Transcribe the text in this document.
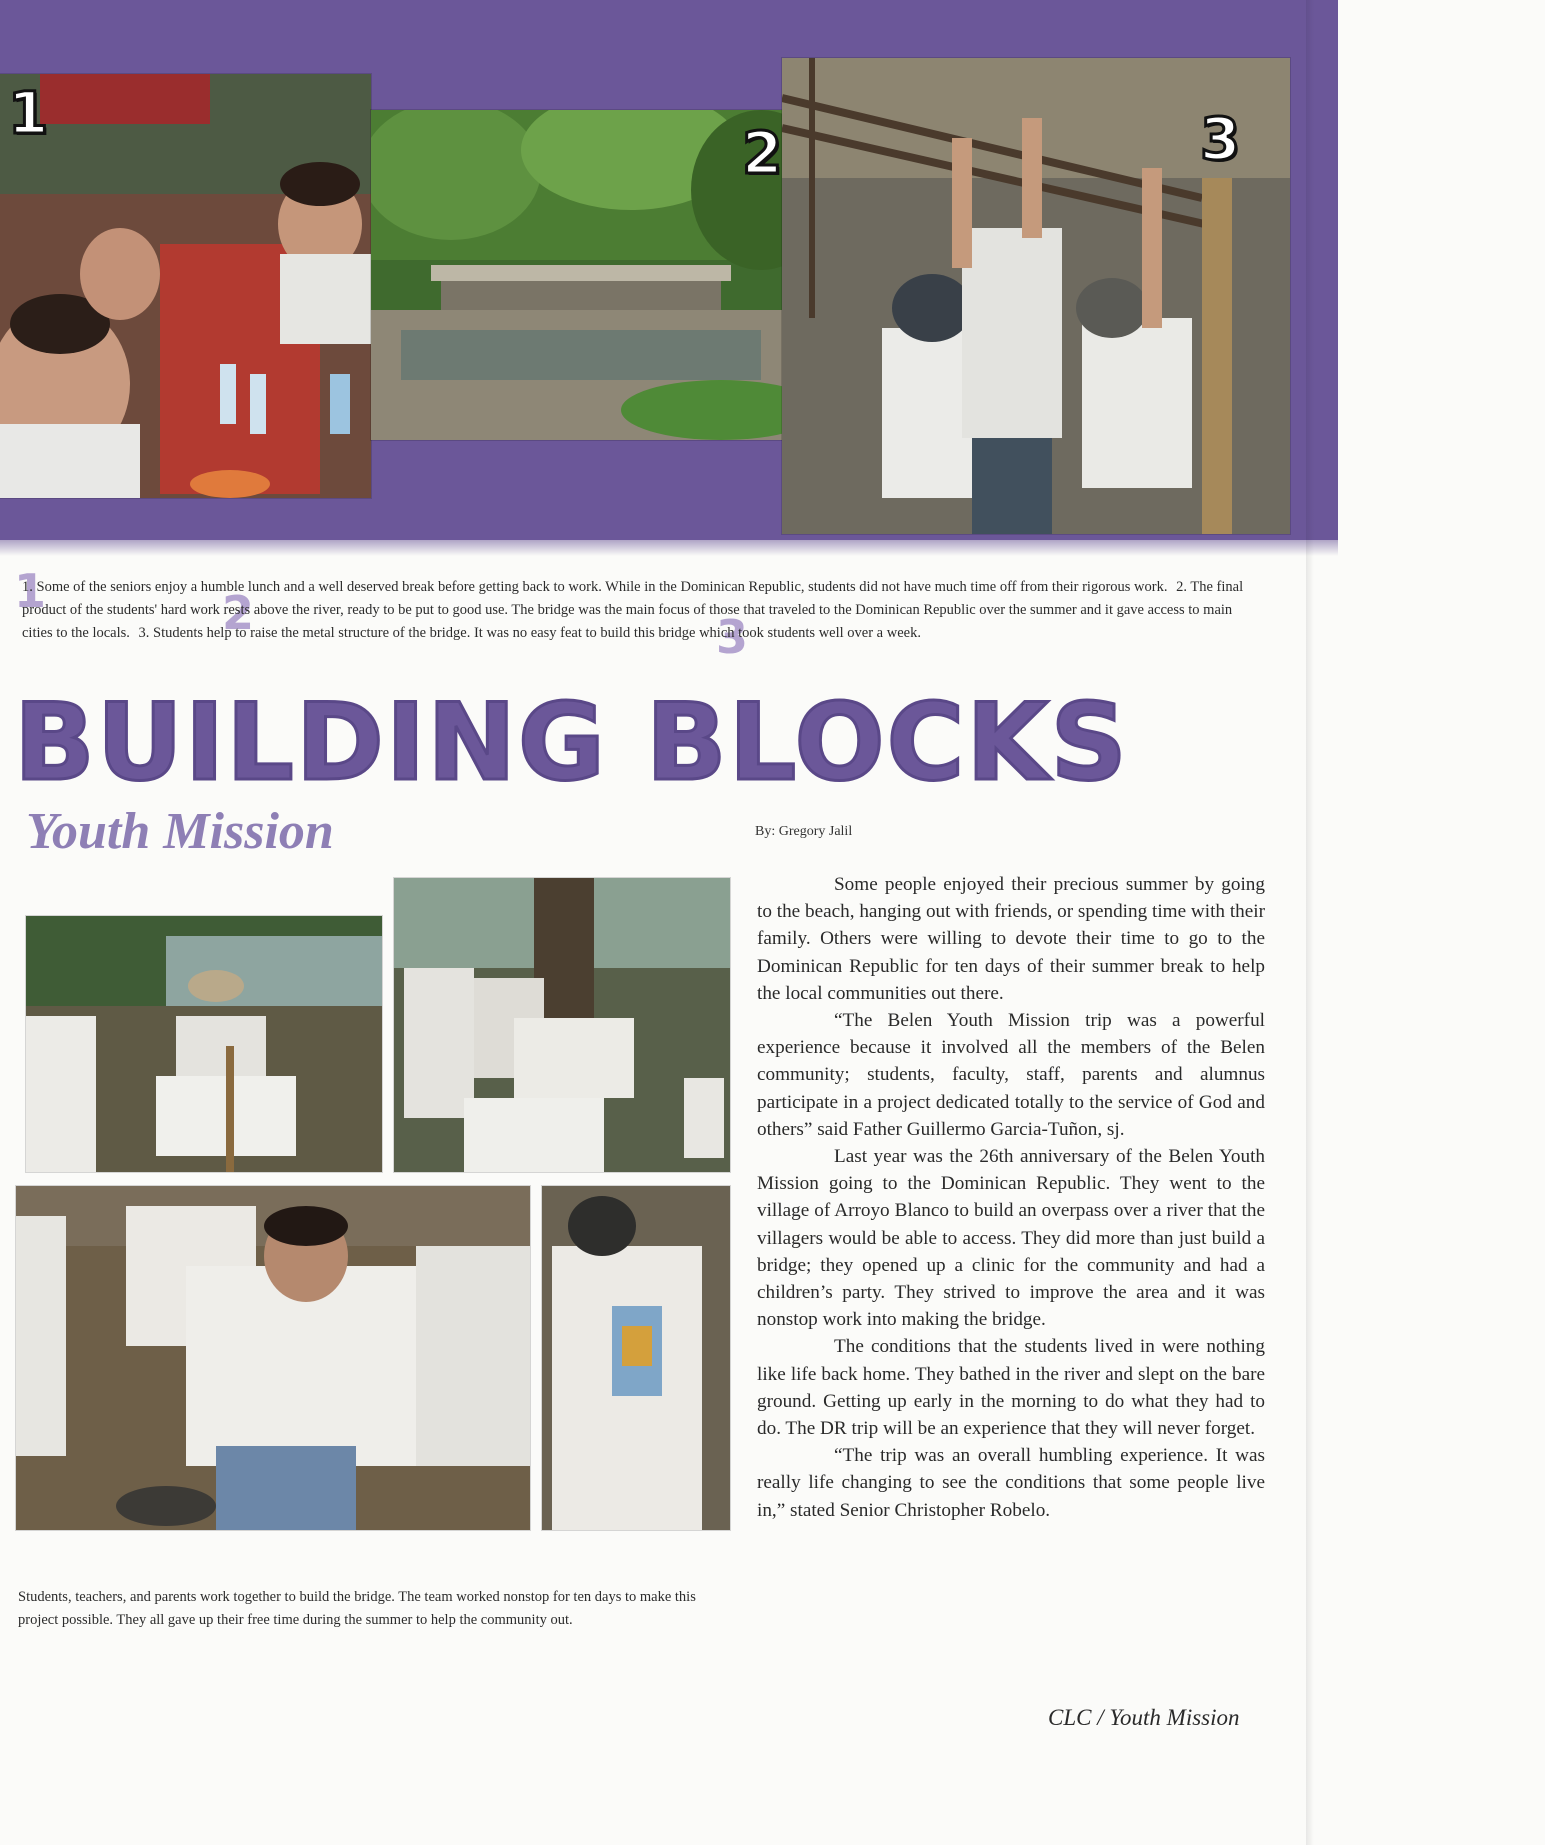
1
2	3
1	2	3
1. Some of the seniors enjoy a humble lunch and a well deserved break before getting back to work. While in the Dominican Republic, students did not have much time off from their rigorous work. 2. The final product of the students' hard work rests above the river, ready to be put to good use. The bridge was the main focus of those that traveled to the Dominican Republic over the summer and it gave access to main cities to the locals. 3. Students help to raise the metal structure of the bridge. It was no easy feat to build this bridge which took students well over a week.
BUILDING BLOCKS
Youth Mission	By: Gregory Jalil
Students, teachers, and parents work together to build the bridge. The team worked nonstop for ten days to make this project possible. They all gave up their free time during the summer to help the community out.

Some people enjoyed their precious summer by going to the beach, hanging out with friends, or spending time with their family. Others were willing to devote their time to go to the Dominican Republic for ten days of their summer break to help the local communities out there.

“The Belen Youth Mission trip was a powerful experience because it involved all the members of the Belen community; students, faculty, staff, parents and alumnus participate in a project dedicated totally to the service of God and others” said Father Guillermo Garcia-Tuñon, sj.

Last year was the 26th anniversary of the Belen Youth Mission going to the Dominican Republic. They went to the village of Arroyo Blanco to build an overpass over a river that the villagers would be able to access. They did more than just build a bridge; they opened up a clinic for the community and had a children’s party. They strived to improve the area and it was nonstop work into making the bridge.

The conditions that the students lived in were nothing like life back home. They bathed in the river and slept on the bare ground. Getting up early in the morning to do what they had to do. The DR trip will be an experience that they will never forget.

“The trip was an overall humbling experience. It was really life changing to see the conditions that some people live in,” stated Senior Christopher Robelo.

CLC / Youth Mission
